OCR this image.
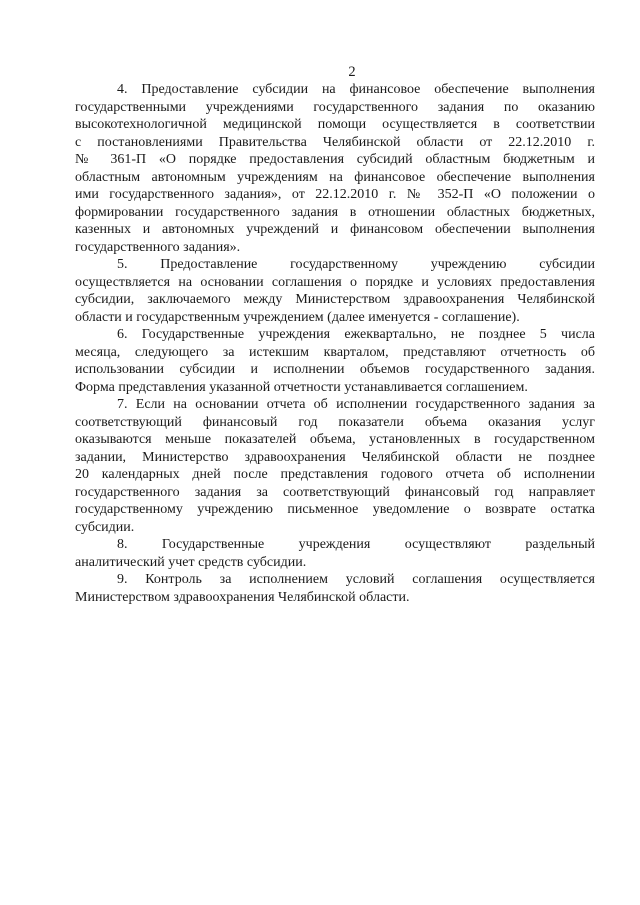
2
4. Предоставление субсидии на финансовое обеспечение выполнения
государственными учреждениями государственного задания по оказанию
высокотехнологичной медицинской помощи осуществляется в соответствии
с постановлениями Правительства Челябинской области от 22.12.2010 г.
№ 361-П «О порядке предоставления субсидий областным бюджетным и
областным автономным учреждениям на финансовое обеспечение выполнения
ими государственного задания», от 22.12.2010 г. № 352-П «О положении о
формировании государственного задания в отношении областных бюджетных,
казенных и автономных учреждений и финансовом обеспечении выполнения
государственного задания».
5. Предоставление государственному учреждению субсидии
осуществляется на основании соглашения о порядке и условиях предоставления
субсидии, заключаемого между Министерством здравоохранения Челябинской
области и государственным учреждением (далее именуется - соглашение).
6. Государственные учреждения ежеквартально, не позднее 5 числа
месяца, следующего за истекшим кварталом, представляют отчетность об
использовании субсидии и исполнении объемов государственного задания.
Форма представления указанной отчетности устанавливается соглашением.
7. Если на основании отчета об исполнении государственного задания за
соответствующий финансовый год показатели объема оказания услуг
оказываются меньше показателей объема, установленных в государственном
задании, Министерство здравоохранения Челябинской области не позднее
20 календарных дней после представления годового отчета об исполнении
государственного задания за соответствующий финансовый год направляет
государственному учреждению письменное уведомление о возврате остатка
субсидии.
8. Государственные учреждения осуществляют раздельный
аналитический учет средств субсидии.
9. Контроль за исполнением условий соглашения осуществляется
Министерством здравоохранения Челябинской области.
